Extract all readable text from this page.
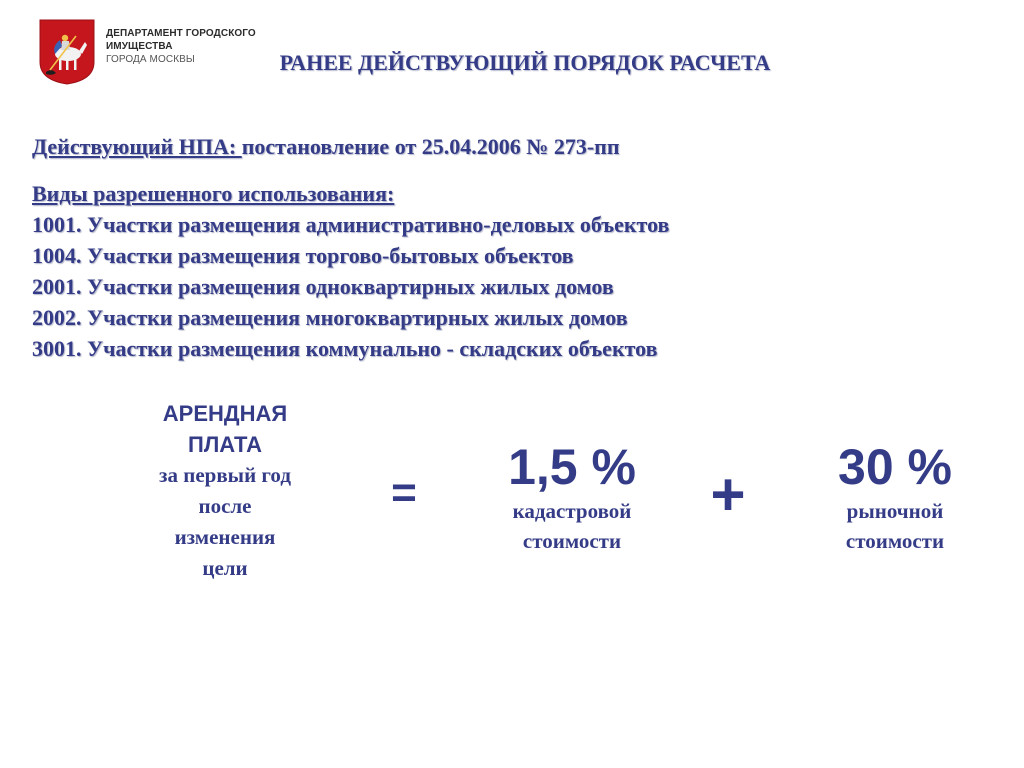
ДЕПАРТАМЕНТ ГОРОДСКОГО
ИМУЩЕСТВА
ГОРОДА МОСКВЫ	РАНЕЕ ДЕЙСТВУЮЩИЙ ПОРЯДОК РАСЧЕТА
Действующий НПА: постановление от 25.04.2006 № 273-пп
Виды разрешенного использования:
1001. Участки размещения административно-деловых объектов
1004. Участки размещения торгово-бытовых объектов
2001. Участки размещения одноквартирных жилых домов
2002. Участки размещения многоквартирных жилых домов
3001. Участки размещения коммунально - складских объектов
АРЕНДНАЯ
ПЛАТА
за первый год
после
изменения
цели
=	1,5 %
кадастровой
стоимости
+	30 %
рыночной
стоимости
